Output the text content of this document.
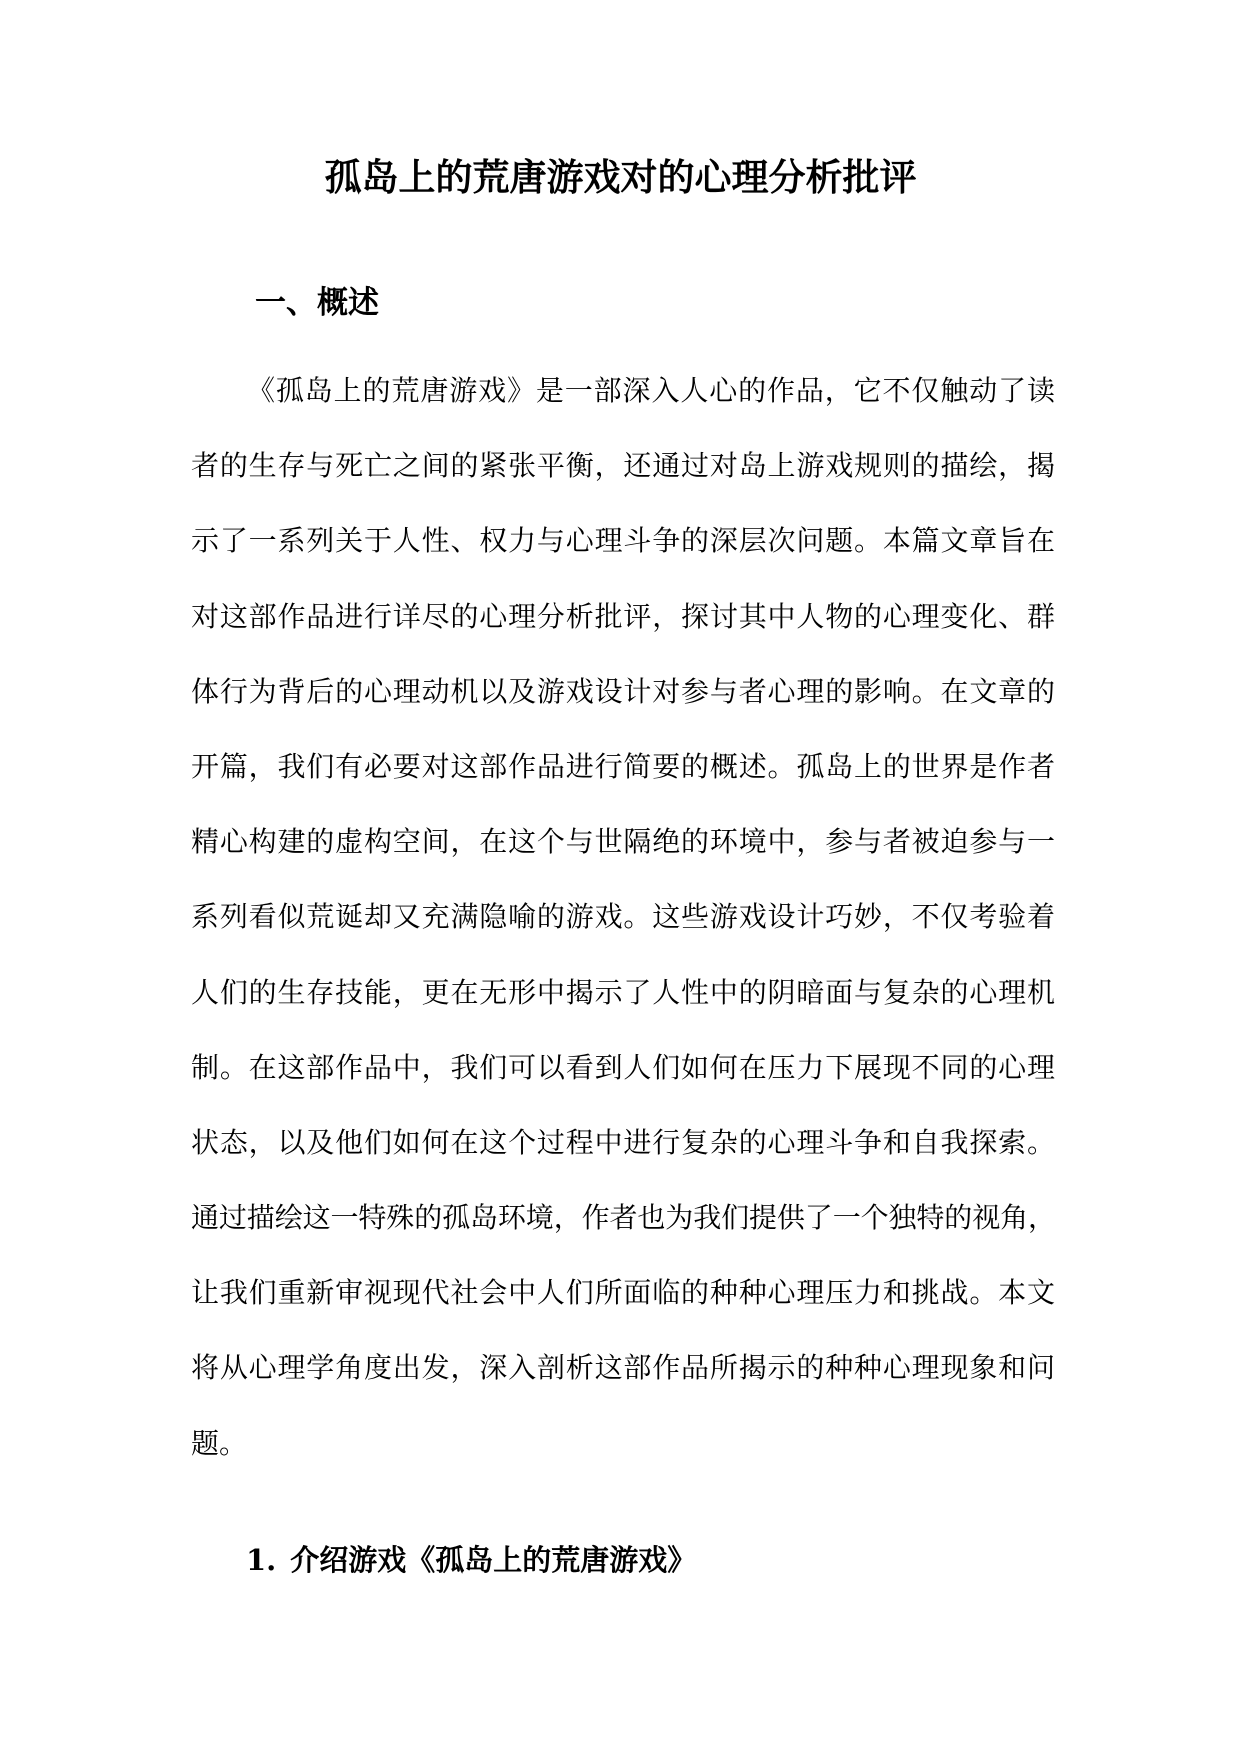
孤岛上的荒唐游戏对的心理分析批评
一、概述
《孤岛上的荒唐游戏》是一部深入人心的作品，它不仅触动了读
者的生存与死亡之间的紧张平衡，还通过对岛上游戏规则的描绘，揭
示了一系列关于人性、权力与心理斗争的深层次问题。本篇文章旨在
对这部作品进行详尽的心理分析批评，探讨其中人物的心理变化、群
体行为背后的心理动机以及游戏设计对参与者心理的影响。在文章的
开篇，我们有必要对这部作品进行简要的概述。孤岛上的世界是作者
精心构建的虚构空间，在这个与世隔绝的环境中，参与者被迫参与一
系列看似荒诞却又充满隐喻的游戏。这些游戏设计巧妙，不仅考验着
人们的生存技能，更在无形中揭示了人性中的阴暗面与复杂的心理机
制。在这部作品中，我们可以看到人们如何在压力下展现不同的心理
状态，以及他们如何在这个过程中进行复杂的心理斗争和自我探索。
通过描绘这一特殊的孤岛环境，作者也为我们提供了一个独特的视角，
让我们重新审视现代社会中人们所面临的种种心理压力和挑战。本文
将从心理学角度出发，深入剖析这部作品所揭示的种种心理现象和问
题。
1. 介绍游戏《孤岛上的荒唐游戏》
